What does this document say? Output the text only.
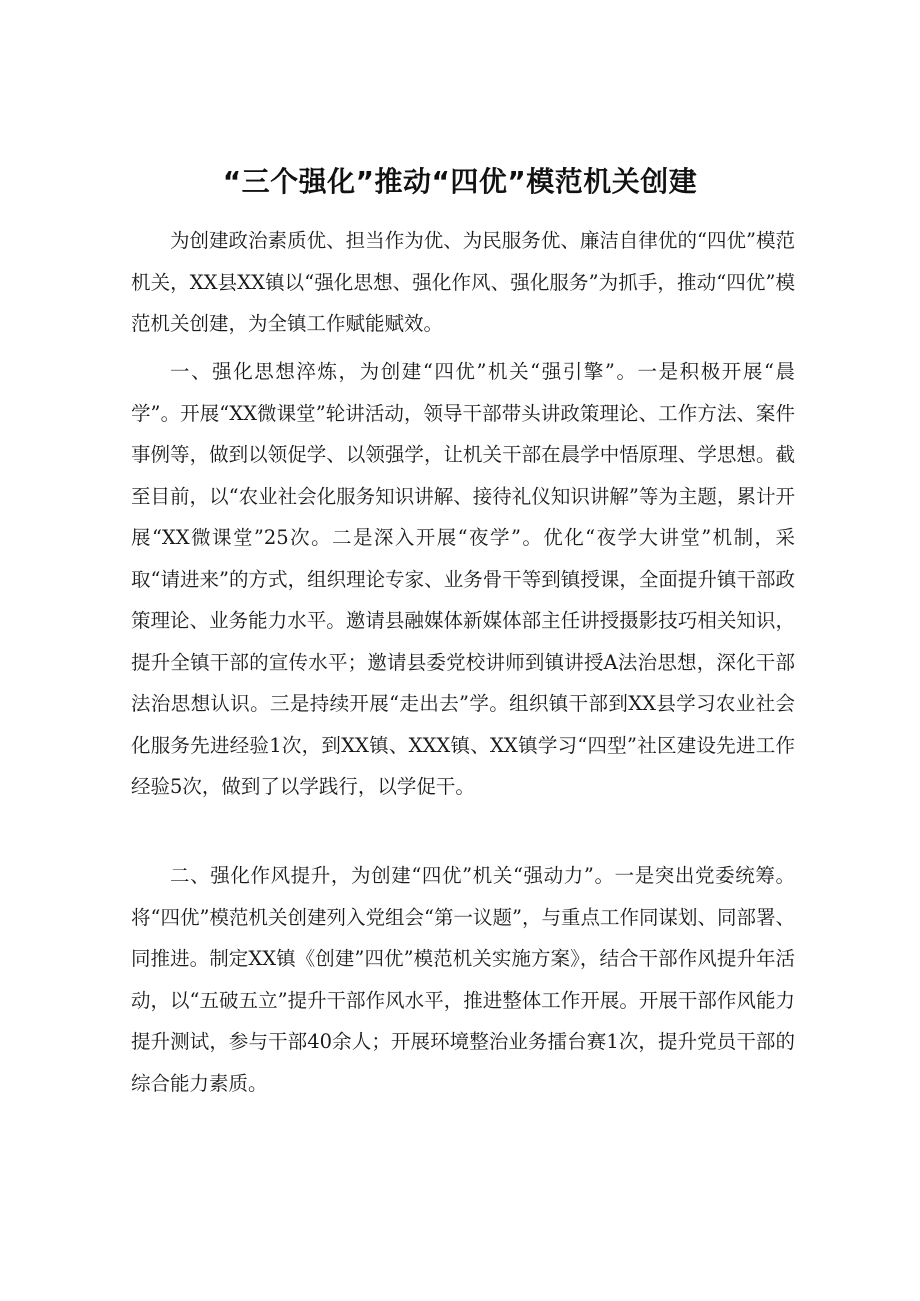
“三个强化”推动“四优”模范机关创建

为创建政治素质优、担当作为优、为民服务优、廉洁自律优的“四优”模范机关，XX县XX镇以“强化思想、强化作风、强化服务”为抓手，推动“四优”模范机关创建，为全镇工作赋能赋效。

一、强化思想淬炼，为创建“四优”机关“强引擎”。一是积极开展“晨学”。开展“XX微课堂”轮讲活动，领导干部带头讲政策理论、工作方法、案件事例等，做到以领促学、以领强学，让机关干部在晨学中悟原理、学思想。截至目前，以“农业社会化服务知识讲解、接待礼仪知识讲解”等为主题，累计开展“XX微课堂”25次。二是深入开展“夜学”。优化“夜学大讲堂”机制，采取“请进来”的方式，组织理论专家、业务骨干等到镇授课，全面提升镇干部政策理论、业务能力水平。邀请县融媒体新媒体部主任讲授摄影技巧相关知识，提升全镇干部的宣传水平；邀请县委党校讲师到镇讲授A法治思想，深化干部法治思想认识。三是持续开展“走出去”学。组织镇干部到XX县学习农业社会化服务先进经验1次，到XX镇、XXX镇、XX镇学习“四型”社区建设先进工作经验5次，做到了以学践行，以学促干。

二、强化作风提升，为创建“四优”机关“强动力”。一是突出党委统筹。将“四优”模范机关创建列入党组会“第一议题”，与重点工作同谋划、同部署、同推进。制定XX镇《创建”四优”模范机关实施方案》，结合干部作风提升年活动，以“五破五立”提升干部作风水平，推进整体工作开展。开展干部作风能力提升测试，参与干部40余人；开展环境整治业务擂台赛1次，提升党员干部的综合能力素质。
